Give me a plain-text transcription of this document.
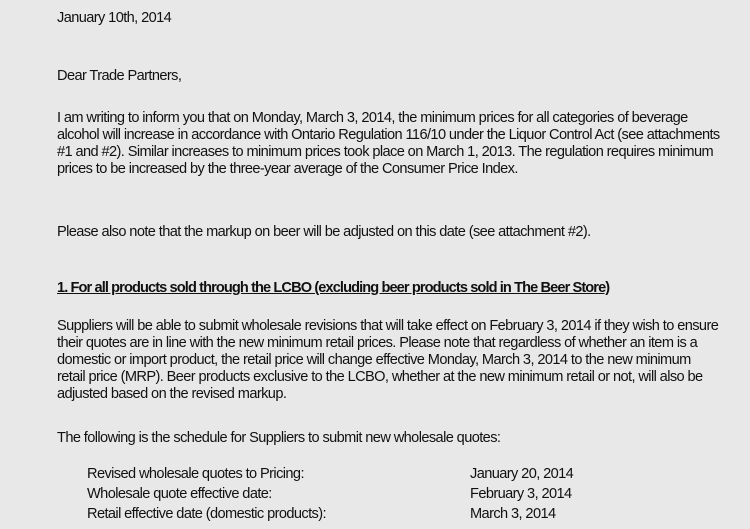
January 10th, 2014
Dear Trade Partners,

I am writing to inform you that on Monday, March 3, 2014, the minimum prices for all categories of beverage alcohol will increase in accordance with Ontario Regulation 116/10 under the Liquor Control Act (see attachments #1 and #2). Similar increases to minimum prices took place on March 1, 2013. The regulation requires minimum prices to be increased by the three-year average of the Consumer Price Index.

Please also note that the markup on beer will be adjusted on this date (see attachment #2).

1. For all products sold through the LCBO (excluding beer products sold in The Beer Store)

Suppliers will be able to submit wholesale revisions that will take effect on February 3, 2014 if they wish to ensure their quotes are in line with the new minimum retail prices. Please note that regardless of whether an item is a domestic or import product, the retail price will change effective Monday, March 3, 2014 to the new minimum retail price (MRP). Beer products exclusive to the LCBO, whether at the new minimum retail or not, will also be adjusted based on the revised markup.

The following is the schedule for Suppliers to submit new wholesale quotes:

Revised wholesale quotes to Pricing:	January 20, 2014
Wholesale quote effective date:	February 3, 2014
Retail effective date (domestic products):	March 3, 2014
